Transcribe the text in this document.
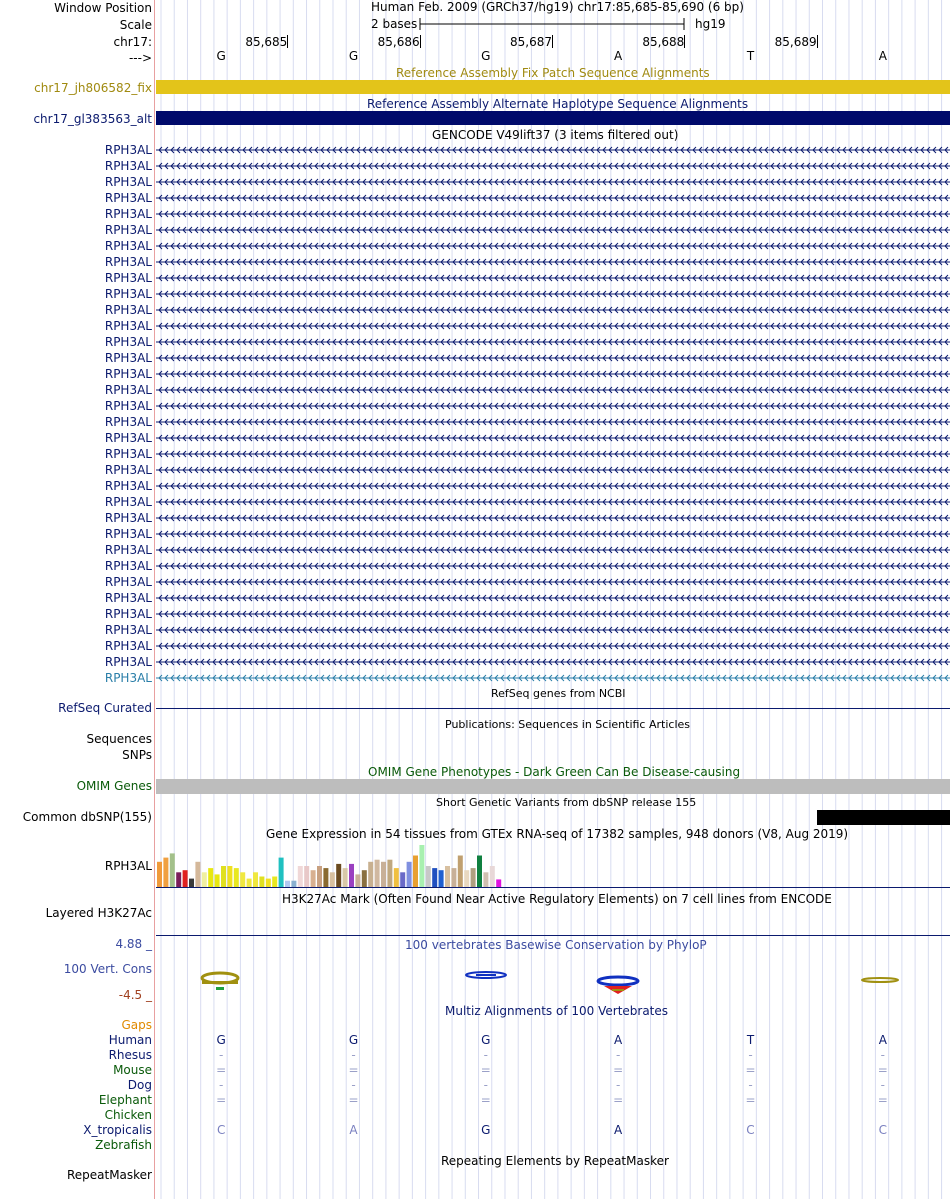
Window Position
Scale
chr17:
--->
Human Feb. 2009 (GRCh37/hg19) chr17:85,685-85,690 (6 bp)
2 bases	hg19
85,685	85,686	85,687	85,688	85,689
G	G	G	A	T	A
Reference Assembly Fix Patch Sequence Alignments
chr17_jh806582_fix
Reference Assembly Alternate Haplotype Sequence Alignments
chr17_gl383563_alt
GENCODE V49lift37 (3 items filtered out)
RPH3AL
RPH3AL
RPH3AL
RPH3AL
RPH3AL
RPH3AL
RPH3AL
RPH3AL
RPH3AL
RPH3AL
RPH3AL
RPH3AL
RPH3AL
RPH3AL
RPH3AL
RPH3AL
RPH3AL
RPH3AL
RPH3AL
RPH3AL
RPH3AL
RPH3AL
RPH3AL
RPH3AL
RPH3AL
RPH3AL
RPH3AL
RPH3AL
RPH3AL
RPH3AL
RPH3AL
RPH3AL
RPH3AL
RPH3AL
RefSeq genes from NCBI
RefSeq Curated
Publications: Sequences in Scientific Articles
Sequences
SNPs
OMIM Gene Phenotypes - Dark Green Can Be Disease-causing
OMIM Genes
Short Genetic Variants from dbSNP release 155
Common dbSNP(155)
Gene Expression in 54 tissues from GTEx RNA-seq of 17382 samples, 948 donors (V8, Aug 2019)
RPH3AL
H3K27Ac Mark (Often Found Near Active Regulatory Elements) on 7 cell lines from ENCODE
Layered H3K27Ac
100 vertebrates Basewise Conservation by PhyloP
4.88 _
100 Vert. Cons
-4.5 _
Multiz Alignments of 100 Vertebrates
Gaps
Human	G	G	G	A	T	A
Rhesus	-	-	-	-	-	-
Mouse	=	=	=	=	=	=
Dog	-	-	-	-	-	-
Elephant	=	=	=	=	=	=
Chicken
X_tropicalis	C	A	G	A	C	C
Zebrafish
Repeating Elements by RepeatMasker
RepeatMasker
